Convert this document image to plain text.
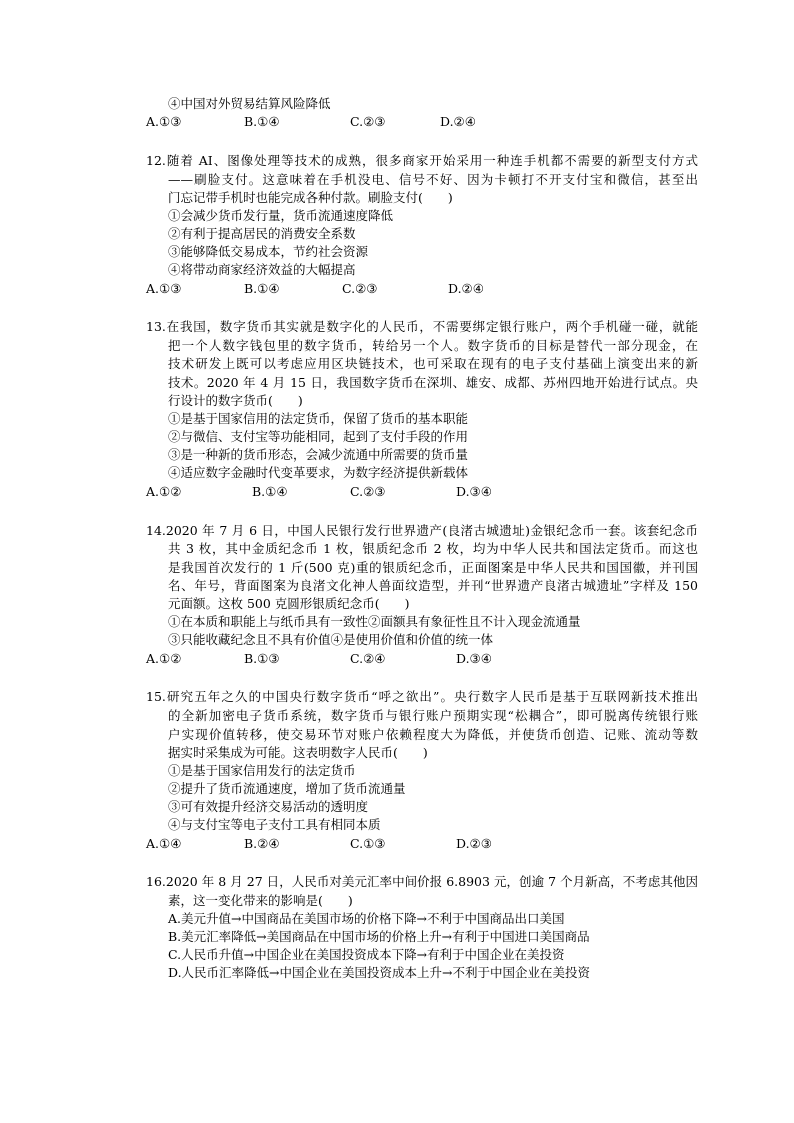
④中国对外贸易结算风险降低
A.①③	B.①④	C.②③	D.②④
12.随着 AI、图像处理等技术的成熟，很多商家开始采用一种连手机都不需要的新型支付方式
——刷脸支付。这意味着在手机没电、信号不好、因为卡顿打不开支付宝和微信，甚至出
门忘记带手机时也能完成各种付款。刷脸支付(　　)
①会减少货币发行量，货币流通速度降低
②有利于提高居民的消费安全系数
③能够降低交易成本，节约社会资源
④将带动商家经济效益的大幅提高
A.①③	B.①④	C.②③	D.②④
13.在我国，数字货币其实就是数字化的人民币，不需要绑定银行账户，两个手机碰一碰，就能
把一个人数字钱包里的数字货币，转给另一个人。数字货币的目标是替代一部分现金，在
技术研发上既可以考虑应用区块链技术，也可采取在现有的电子支付基础上演变出来的新
技术。2020 年 4 月 15 日，我国数字货币在深圳、雄安、成都、苏州四地开始进行试点。央
行设计的数字货币(　　)
①是基于国家信用的法定货币，保留了货币的基本职能
②与微信、支付宝等功能相同，起到了支付手段的作用
③是一种新的货币形态，会减少流通中所需要的货币量
④适应数字金融时代变革要求，为数字经济提供新载体
A.①②	B.①④	C.②③	D.③④
14.2020 年 7 月 6 日，中国人民银行发行世界遗产(良渚古城遗址)金银纪念币一套。该套纪念币
共 3 枚，其中金质纪念币 1 枚，银质纪念币 2 枚，均为中华人民共和国法定货币。而这也
是我国首次发行的 1 斤(500 克)重的银质纪念币，正面图案是中华人民共和国国徽，并刊国
名、年号，背面图案为良渚文化神人兽面纹造型，并刊“世界遗产良渚古城遗址”字样及 150
元面额。这枚 500 克圆形银质纪念币(　　)
①在本质和职能上与纸币具有一致性②面额具有象征性且不计入现金流通量
③只能收藏纪念且不具有价值④是使用价值和价值的统一体
A.①②	B.①③	C.②④	D.③④
15.研究五年之久的中国央行数字货币“呼之欲出”。央行数字人民币是基于互联网新技术推出
的全新加密电子货币系统，数字货币与银行账户预期实现“松耦合”，即可脱离传统银行账
户实现价值转移，使交易环节对账户依赖程度大为降低，并使货币创造、记账、流动等数
据实时采集成为可能。这表明数字人民币(　　)
①是基于国家信用发行的法定货币
②提升了货币流通速度，增加了货币流通量
③可有效提升经济交易活动的透明度
④与支付宝等电子支付工具有相同本质
A.①④	B.②④	C.①③	D.②③
16.2020 年 8 月 27 日，人民币对美元汇率中间价报 6.8903 元，创逾 7 个月新高，不考虑其他因
素，这一变化带来的影响是(　　)
A.美元升值→中国商品在美国市场的价格下降→不利于中国商品出口美国
B.美元汇率降低→美国商品在中国市场的价格上升→有利于中国进口美国商品
C.人民币升值→中国企业在美国投资成本下降→有利于中国企业在美投资
D.人民币汇率降低→中国企业在美国投资成本上升→不利于中国企业在美投资
